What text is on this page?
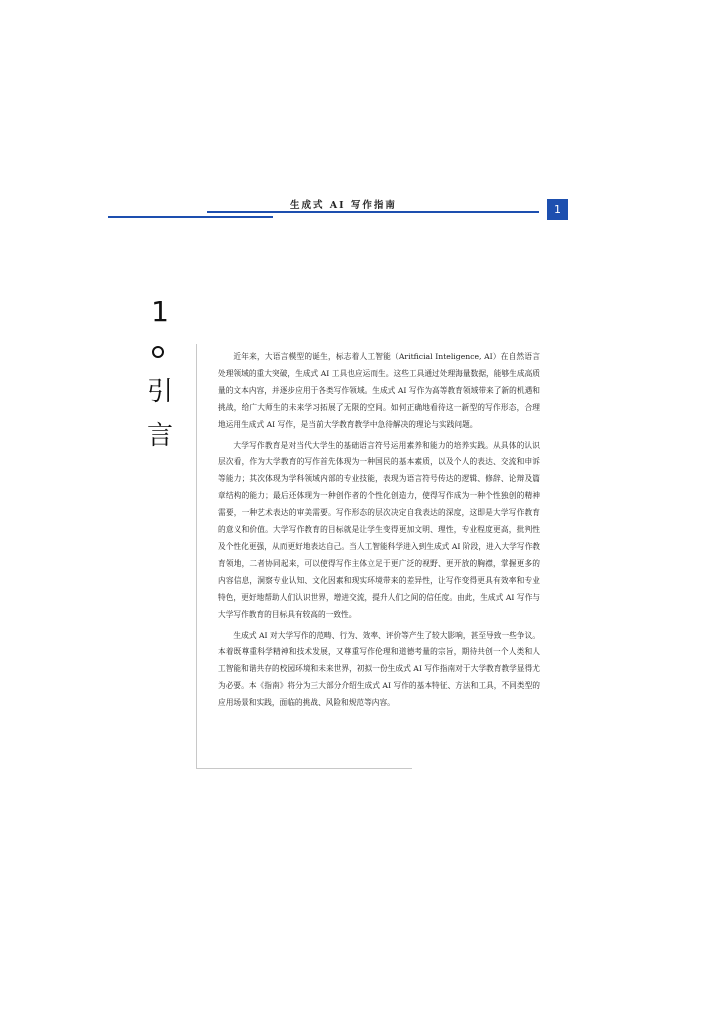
生成式 AI 写作指南	1
1
引
言

近年来，大语言模型的诞生，标志着人工智能（Aritficial Inteligence, AI）在自然语言处理领域的重大突破，生成式 AI 工具也应运而生。这些工具通过处理海量数据，能够生成高质量的文本内容，并逐步应用于各类写作领域。生成式 AI 写作为高等教育领域带来了新的机遇和挑战，给广大师生的未来学习拓展了无限的空间。如何正确地看待这一新型的写作形态，合理地运用生成式 AI 写作，是当前大学教育教学中急待解决的理论与实践问题。

大学写作教育是对当代大学生的基础语言符号运用素养和能力的培养实践。从具体的认识层次看，作为大学教育的写作首先体现为一种国民的基本素质，以及个人的表达、交流和申诉等能力；其次体现为学科领域内部的专业技能，表现为语言符号传达的逻辑、修辞、论辩及篇章结构的能力；最后还体现为一种创作者的个性化创造力，使得写作成为一种个性独创的精神需要，一种艺术表达的审美需要。写作形态的层次决定自我表达的深度，这即是大学写作教育的意义和价值。大学写作教育的目标就是让学生变得更加文明、理性，专业程度更高，批判性及个性化更强，从而更好地表达自己。当人工智能科学进入到生成式 AI 阶段，进入大学写作教育领地，二者协同起来，可以使得写作主体立足于更广泛的视野、更开放的胸襟，掌握更多的内容信息，洞察专业认知、文化因素和现实环境带来的差异性，让写作变得更具有效率和专业特色，更好地帮助人们认识世界，增进交流，提升人们之间的信任度。由此，生成式 AI 写作与大学写作教育的目标具有较高的一致性。

生成式 AI 对大学写作的范畴、行为、效率、评价等产生了较大影响，甚至导致一些争议。本着既尊重科学精神和技术发展，又尊重写作伦理和道德考量的宗旨，期待共创一个人类和人工智能和谐共存的校园环境和未来世界，初拟一份生成式 AI 写作指南对于大学教育教学显得尤为必要。本《指南》将分为三大部分介绍生成式 AI 写作的基本特征、方法和工具，不同类型的应用场景和实践，面临的挑战、风险和规范等内容。
